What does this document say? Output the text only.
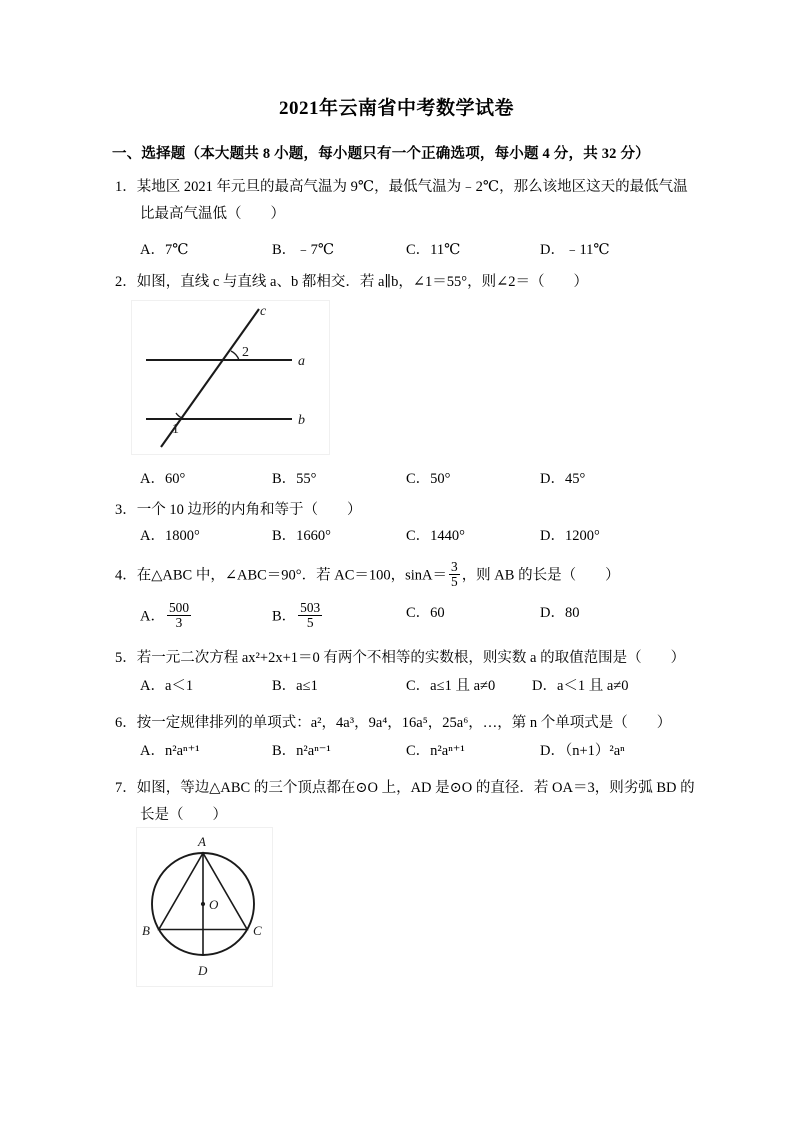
2021年云南省中考数学试卷
一、选择题（本大题共 8 小题，每小题只有一个正确选项，每小题 4 分，共 32 分）
1．某地区 2021 年元旦的最高气温为 9℃，最低气温为﹣2℃，那么该地区这天的最低气温
比最高气温低（　　）
A．7℃	B．﹣7℃	C．11℃	D．﹣11℃
2．如图，直线 c 与直线 a、b 都相交．若 a∥b，∠1＝55°，则∠2＝（　　）
a
b
c
2
1
A．60°	B．55°	C．50°	D．45°
3．一个 10 边形的内角和等于（　　）
A．1800°	B．1660°	C．1440°	D．1200°
4．在△ABC 中，∠ABC＝90°．若 AC＝100，$\sin A= \frac{3}{5}$ ，则 AB 的长是（　　）
A． $\frac{500}{3}$	B． $\frac{503}{5}$	C．60	D．80
5．若一元二次方程 ax²+2x+1＝0 有两个不相等的实数根，则实数 a 的取值范围是（　　）
A．a＜1	B．a≤1	C．a≤1 且 a≠0	D．a＜1 且 a≠0
6．按一定规律排列的单项式：a²，4a³，9a⁴，16a⁵，25a⁶，…，第 n 个单项式是（　　）
A．n²aⁿ⁺¹	B．n²aⁿ⁻¹	C．n²aⁿ⁺¹	D．（n+1）²aⁿ
7．如图，等边△ABC 的三个顶点都在⊙O 上，AD 是⊙O 的直径．若 OA＝3，则劣弧 BD 的
长是（　　）
A
B	C
D
O
